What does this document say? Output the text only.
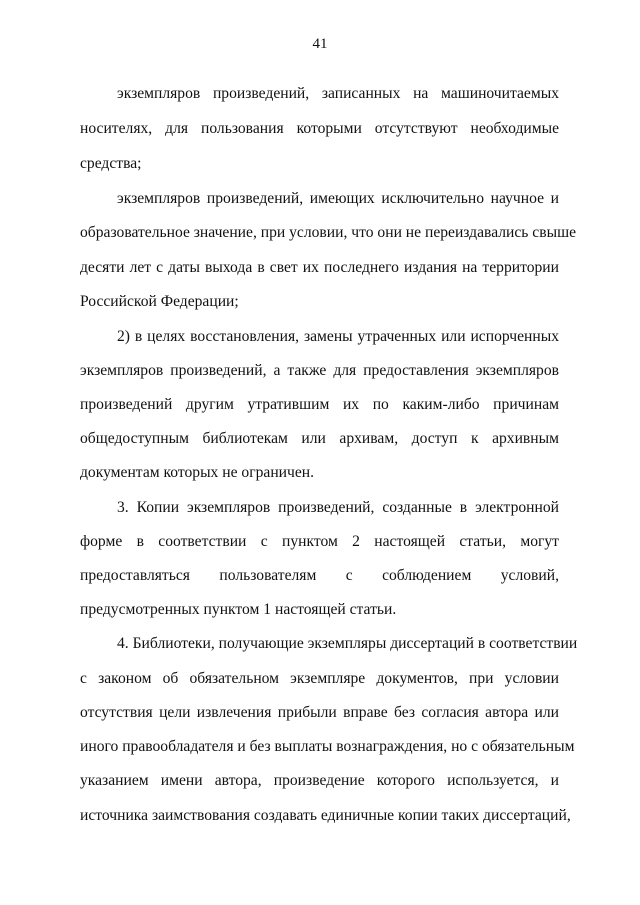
41
экземпляров произведений, записанных на машиночитаемых
носителях, для пользования которыми отсутствуют необходимые
средства;
экземпляров произведений, имеющих исключительно научное и
образовательное значение, при условии, что они не переиздавались свыше
десяти лет с даты выхода в свет их последнего издания на территории
Российской Федерации;
2) в целях восстановления, замены утраченных или испорченных
экземпляров произведений, а также для предоставления экземпляров
произведений другим утратившим их по каким-либо причинам
общедоступным библиотекам или архивам, доступ к архивным
документам которых не ограничен.
3. Копии экземпляров произведений, созданные в электронной
форме в соответствии с пунктом 2 настоящей статьи, могут
предоставляться пользователям с соблюдением условий,
предусмотренных пунктом 1 настоящей статьи.
4. Библиотеки, получающие экземпляры диссертаций в соответствии
с законом об обязательном экземпляре документов, при условии
отсутствия цели извлечения прибыли вправе без согласия автора или
иного правообладателя и без выплаты вознаграждения, но с обязательным
указанием имени автора, произведение которого используется, и
источника заимствования создавать единичные копии таких диссертаций,
